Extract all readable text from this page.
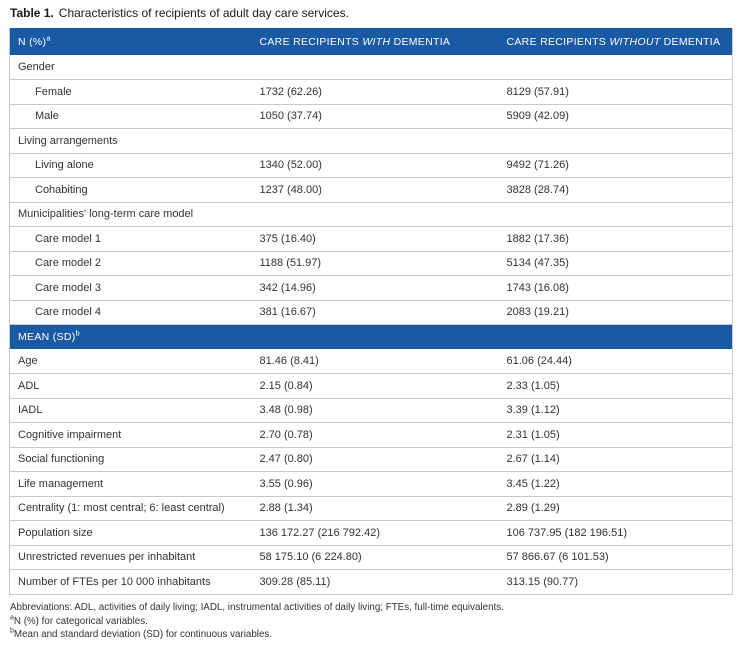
Table 1. Characteristics of recipients of adult day care services.
N (%)$^a$	CARE RECIPIENTS WITH DEMENTIA	CARE RECIPIENTS WITHOUT DEMENTIA
Gender		
Female	1732 (62.26)	8129 (57.91)
Male	1050 (37.74)	5909 (42.09)
Living arrangements		
Living alone	1340 (52.00)	9492 (71.26)
Cohabiting	1237 (48.00)	3828 (28.74)
Municipalities' long-term care model		
Care model 1	375 (16.40)	1882 (17.36)
Care model 2	1188 (51.97)	5134 (47.35)
Care model 3	342 (14.96)	1743 (16.08)
Care model 4	381 (16.67)	2083 (19.21)
MEAN (SD)$^b$
Age	81.46 (8.41)	61.06 (24.44)
ADL	2.15 (0.84)	2.33 (1.05)
IADL	3.48 (0.98)	3.39 (1.12)
Cognitive impairment	2.70 (0.78)	2.31 (1.05)
Social functioning	2.47 (0.80)	2.67 (1.14)
Life management	3.55 (0.96)	3.45 (1.22)
Centrality (1: most central; 6: least central)	2.88 (1.34)	2.89 (1.29)
Population size	136 172.27 (216 792.42)	106 737.95 (182 196.51)
Unrestricted revenues per inhabitant	58 175.10 (6 224.80)	57 866.67 (6 101.53)
Number of FTEs per 10 000 inhabitants	309.28 (85.11)	313.15 (90.77)
Abbreviations: ADL, activities of daily living; IADL, instrumental activities of daily living; FTEs, full-time equivalents.
$^a$N (%) for categorical variables.
$^b$Mean and standard deviation (SD) for continuous variables.
